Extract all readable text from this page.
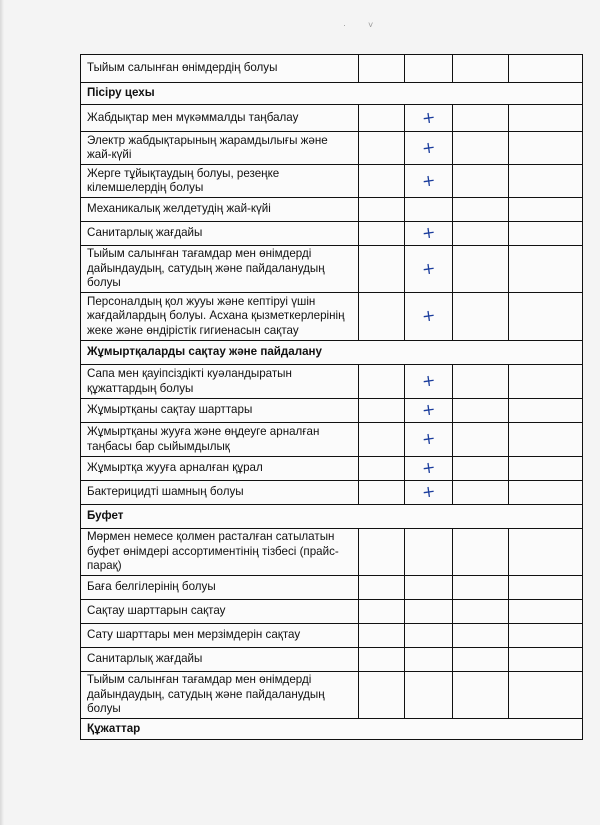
· ˅
Тыйым салынған өнімдердің болуы				
Пісіру цехы				
Жабдықтар мен мүкәммалды таңбалау		+		
Электр жабдықтарының жарамдылығы және жай-күйі		+		
Жерге тұйықтаудың болуы, резеңке кілемшелердің болуы		+		
Механикалық желдетудің жай-күйі				
Санитарлық жағдайы		+		
Тыйым салынған тағамдар мен өнімдерді дайындаудың, сатудың және пайдаланудың болуы		+		
Персоналдың қол жууы және кептіруі үшін жағдайлардың болуы. Асхана қызметкерлерінің жеке және өндірістік гигиенасын сақтау		+		
Жұмыртқаларды сақтау және пайдалану				
Сапа мен қауіпсіздікті куәландыратын құжаттардың болуы		+		
Жұмыртқаны сақтау шарттары		+		
Жұмыртқаны жууға және өңдеуге арналған таңбасы бар сыйымдылық		+		
Жұмыртқа жууға арналған құрал		+		
Бактерицидті шамның болуы		+		
Буфет				
Мөрмен немесе қолмен расталған сатылатын буфет өнімдері ассортиментінің тізбесі (прайс-парақ)				
Баға белгілерінің болуы				
Сақтау шарттарын сақтау				
Сату шарттары мен мерзімдерін сақтау				
Санитарлық жағдайы				
Тыйым салынған тағамдар мен өнімдерді дайындаудың, сатудың және пайдаланудың болуы				
Құжаттар				
